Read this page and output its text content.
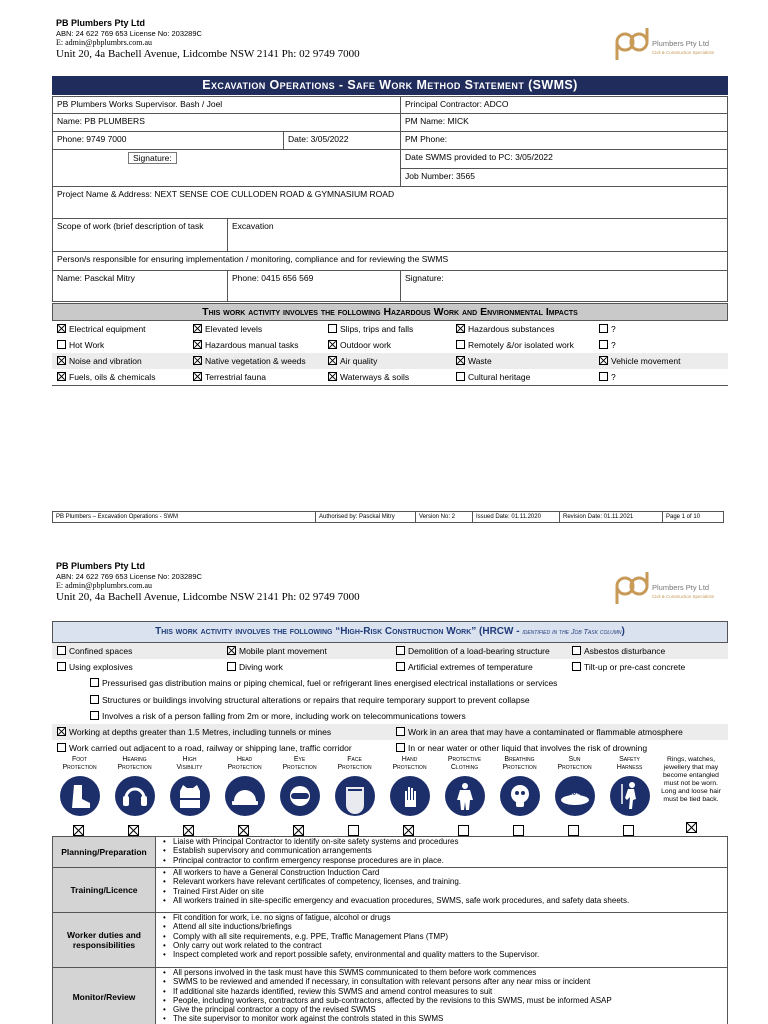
PB Plumbers Pty Ltd
ABN: 24 622 769 653 License No: 203289C
E: admin@pbplumbrs.com.au
Unit 20, 4a Bachell Avenue, Lidcombe NSW 2141 Ph: 02 9749 7000
Plumbers Pty Ltd
Civil & Construction Specialists
Excavation Operations - Safe Work Method Statement (SWMS)
PB Plumbers Works Supervisor. Bash / Joel	Principal Contractor: ADCO
Name: PB PLUMBERS	PM Name: MICK
Phone: 9749 7000	Date: 3/05/2022	PM Phone:
Signature:	Date SWMS provided to PC: 3/05/2022
Job Number: 3565
Project Name & Address: NEXT SENSE COE CULLODEN ROAD & GYMNASIUM ROAD
Scope of work (brief description of task	Excavation
Person/s responsible for ensuring implementation / monitoring, compliance and for reviewing the SWMS
Name: Pasckal Mitry	Phone: 0415 656 569	Signature:
This work activity involves the following Hazardous Work and Environmental Impacts
Electrical equipment	Elevated levels	Slips, trips and falls	Hazardous substances	?
Hot Work	Hazardous manual tasks	Outdoor work	Remotely &/or isolated work	?
Noise and vibration	Native vegetation & weeds	Air quality	Waste	Vehicle movement
Fuels, oils & chemicals	Terrestrial fauna	Waterways & soils	Cultural heritage	?
PB Plumbers – Excavation Operations - SWM	Authorised by: Pasckal Mitry	Version No: 2	Issued Date: 01.11.2020	Revision Date: 01.11.2021	Page 1 of 10
PB Plumbers Pty Ltd
ABN: 24 622 769 653 License No: 203289C
E: admin@pbplumbrs.com.au
Unit 20, 4a Bachell Avenue, Lidcombe NSW 2141 Ph: 02 9749 7000
Plumbers Pty Ltd
Civil & Construction Specialists
This work activity involves the following “High-Risk Construction Work” (HRCW - identified in the Job Task column)
Confined spaces	Mobile plant movement	Demolition of a load-bearing structure	Asbestos disturbance
Using explosives	Diving work	Artificial extremes of temperature	Tilt-up or pre-cast concrete
Pressurised gas distribution mains or piping chemical, fuel or refrigerant lines energised electrical installations or services
Structures or buildings involving structural alterations or repairs that require temporary support to prevent collapse
Involves a risk of a person falling from 2m or more, including work on telecommunications towers
Working at depths greater than 1.5 Metres, including tunnels or mines	Work in an area that may have a contaminated or flammable atmosphere
Work carried out adjacent to a road, railway or shipping lane, traffic corridor	In or near water or other liquid that involves the risk of drowning
Foot
Protection
Hearing
Protection
High
Visibility
Head
Protection
Eye
Protection
Face
Protection
Hand
Protection
Protective
Clothing
Breathing
Protection
Sun
Protection
30+
Safety
Harness
Rings, watches, jewellery that may become entangled must not be worn. Long and loose hair must be tied back.
Planning/Preparation
• Liaise with Principal Contractor to identify on-site safety systems and procedures
• Establish supervisory and communication arrangements
• Principal contractor to confirm emergency response procedures are in place.
Training/Licence
• All workers to have a General Construction Induction Card
• Relevant workers have relevant certificates of competency, licenses, and training.
• Trained First Aider on site
• All workers trained in site-specific emergency and evacuation procedures, SWMS, safe work procedures, and safety data sheets.
Worker duties and responsibilities
• Fit condition for work, i.e. no signs of fatigue, alcohol or drugs
• Attend all site inductions/briefings
• Comply with all site requirements, e.g. PPE, Traffic Management Plans (TMP)
• Only carry out work related to the contract
• Inspect completed work and report possible safety, environmental and quality matters to the Supervisor.
Monitor/Review
• All persons involved in the task must have this SWMS communicated to them before work commences
• SWMS to be reviewed and amended if necessary, in consultation with relevant persons after any near miss or incident
• If additional site hazards identified, review this SWMS and amend control measures to suit
• People, including workers, contractors and sub-contractors, affected by the revisions to this SWMS, must be informed ASAP
• Give the principal contractor a copy of the revised SWMS
• The site supervisor to monitor work against the controls stated in this SWMS
